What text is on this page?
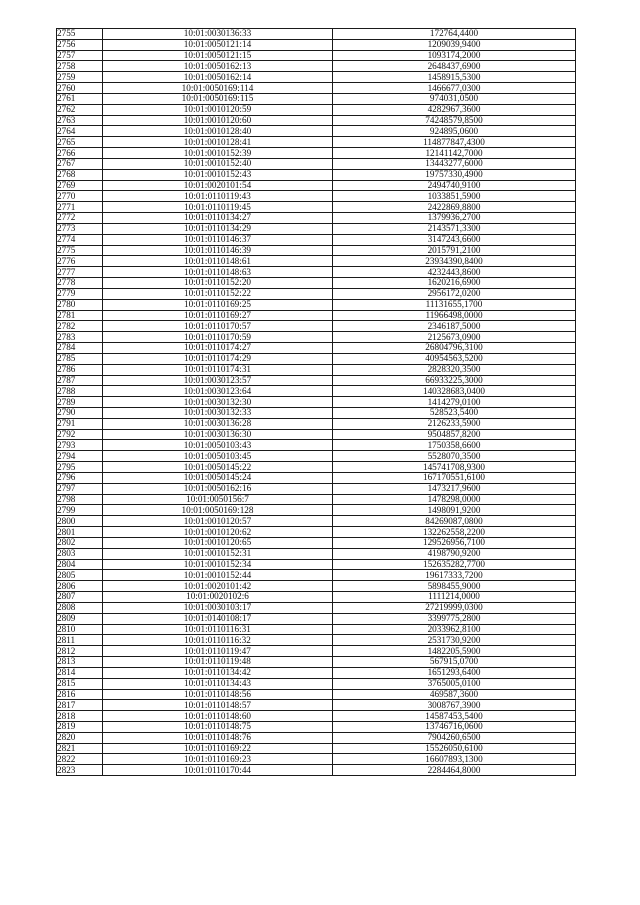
2755	10:01:0030136:33	172764,4400
2756	10:01:0050121:14	1209039,9400
2757	10:01:0050121:15	1093174,2000
2758	10:01:0050162:13	2648437,6900
2759	10:01:0050162:14	1458915,5300
2760	10:01:0050169:114	1466677,0300
2761	10:01:0050169:115	974031,0500
2762	10:01:0010120:59	4282967,3600
2763	10:01:0010120:60	74248579,8500
2764	10:01:0010128:40	924895,0600
2765	10:01:0010128:41	114877847,4300
2766	10:01:0010152:39	12141142,7000
2767	10:01:0010152:40	13443277,6000
2768	10:01:0010152:43	19757330,4900
2769	10:01:0020101:54	2494740,9100
2770	10:01:0110119:43	1033851,5900
2771	10:01:0110119:45	2422869,8800
2772	10:01:0110134:27	1379936,2700
2773	10:01:0110134:29	2143571,3300
2774	10:01:0110146:37	3147243,6600
2775	10:01:0110146:39	2015791,2100
2776	10:01:0110148:61	23934390,8400
2777	10:01:0110148:63	4232443,8600
2778	10:01:0110152:20	1620216,6900
2779	10:01:0110152:22	2956172,0200
2780	10:01:0110169:25	11131655,1700
2781	10:01:0110169:27	11966498,0000
2782	10:01:0110170:57	2346187,5000
2783	10:01:0110170:59	2125673,0900
2784	10:01:0110174:27	26804796,3100
2785	10:01:0110174:29	40954563,5200
2786	10:01:0110174:31	2828320,3500
2787	10:01:0030123:57	66933225,3000
2788	10:01:0030123:64	140328683,0400
2789	10:01:0030132:30	1414279,0100
2790	10:01:0030132:33	528523,5400
2791	10:01:0030136:28	2126233,5900
2792	10:01:0030136:30	9504857,8200
2793	10:01:0050103:43	1750358,6600
2794	10:01:0050103:45	5528070,3500
2795	10:01:0050145:22	145741708,9300
2796	10:01:0050145:24	167170551,6100
2797	10:01:0050162:16	1473217,9600
2798	10:01:0050156:7	1478298,0000
2799	10:01:0050169:128	1498091,9200
2800	10:01:0010120:57	84269087,0800
2801	10:01:0010120:62	132262558,2200
2802	10:01:0010120:65	129526956,7100
2803	10:01:0010152:31	4198790,9200
2804	10:01:0010152:34	152635282,7700
2805	10:01:0010152:44	19617333,7200
2806	10:01:0020101:42	5898455,9000
2807	10:01:0020102:6	1111214,0000
2808	10:01:0030103:17	27219999,0300
2809	10:01:0140108:17	3399775,2800
2810	10:01:0110116:31	2033962,8100
2811	10:01:0110116:32	2531730,9200
2812	10:01:0110119:47	1482205,5900
2813	10:01:0110119:48	567915,0700
2814	10:01:0110134:42	1651293,6400
2815	10:01:0110134:43	3765005,0100
2816	10:01:0110148:56	469587,3600
2817	10:01:0110148:57	3008767,3900
2818	10:01:0110148:60	14587453,5400
2819	10:01:0110148:75	13746716,0600
2820	10:01:0110148:76	7904260,6500
2821	10:01:0110169:22	15526050,6100
2822	10:01:0110169:23	16607893,1300
2823	10:01:0110170:44	2284464,8000
